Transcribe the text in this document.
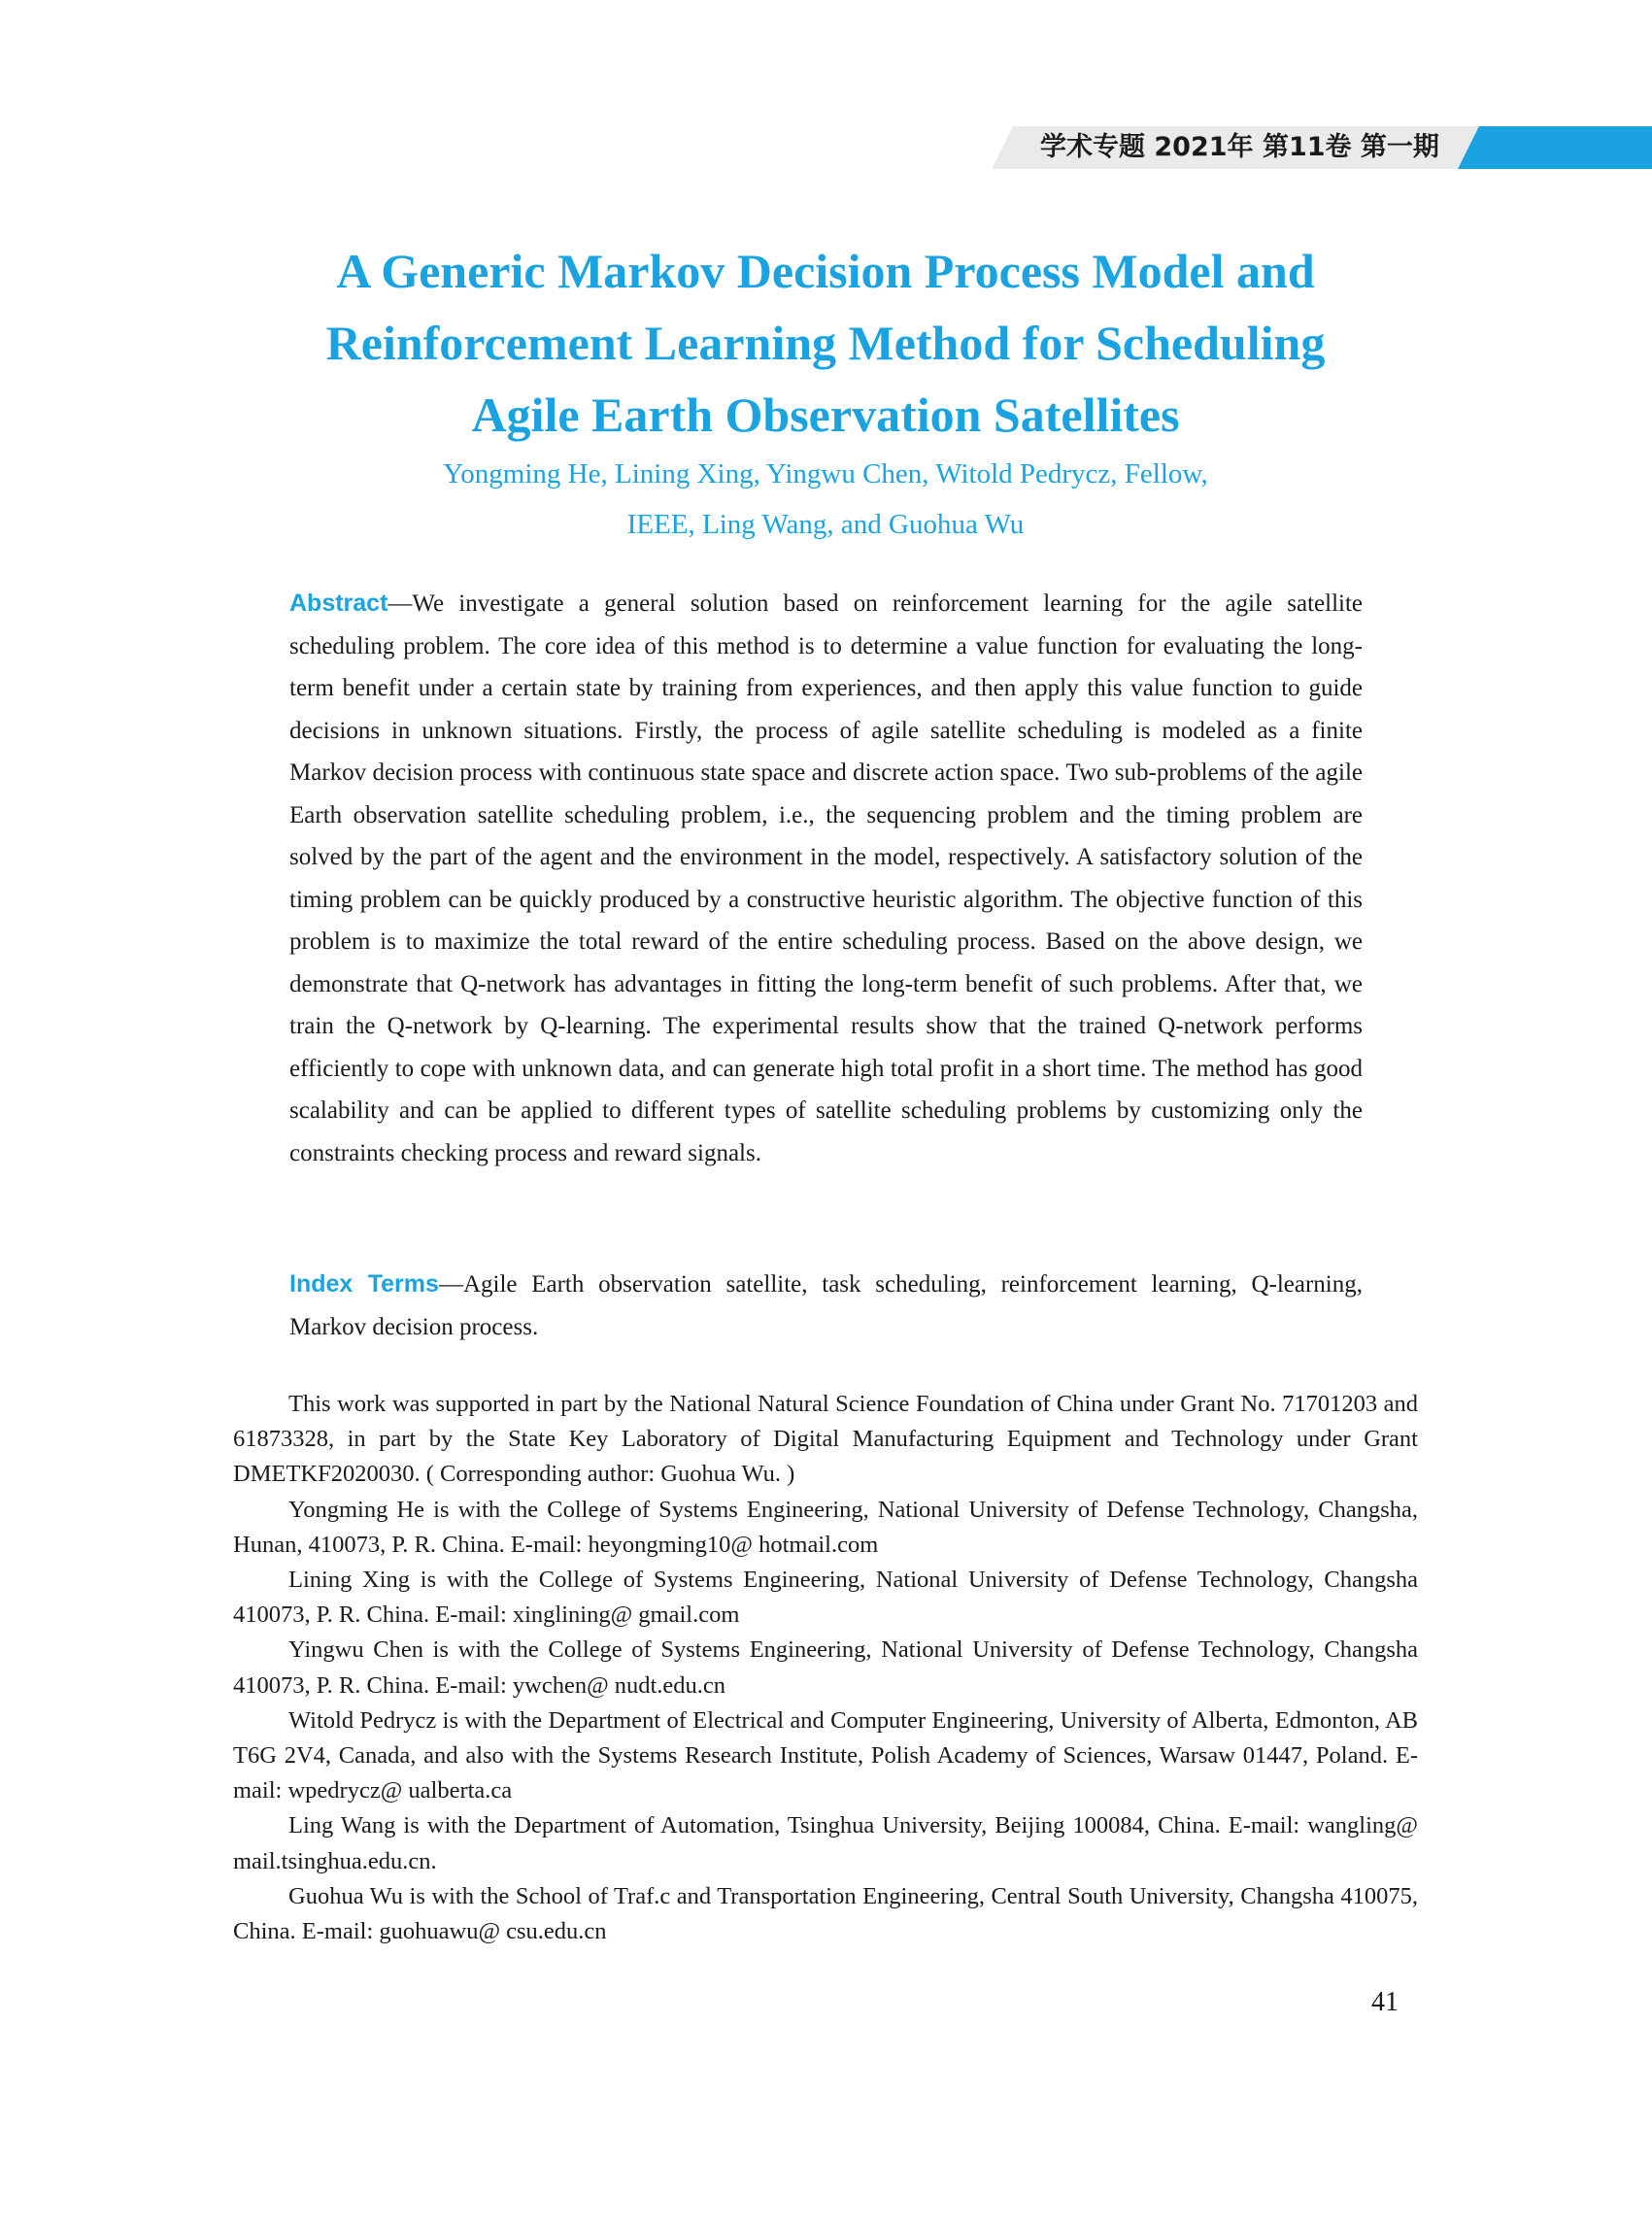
学术专题 2021年 第11卷 第一期
A Generic Markov Decision Process Model and
Reinforcement Learning Method for Scheduling
Agile Earth Observation Satellites
Yongming He, Lining Xing, Yingwu Chen, Witold Pedrycz, Fellow,
IEEE, Ling Wang, and Guohua Wu

Abstract—We investigate a general solution based on reinforcement learning for the agile satellite scheduling problem. The core idea of this method is to determine a value function for evaluating the long-term benefit under a certain state by training from experiences, and then apply this value function to guide decisions in unknown situations. Firstly, the process of agile satellite scheduling is modeled as a finite Markov decision process with continuous state space and discrete action space. Two sub-problems of the agile Earth observation satellite scheduling problem, i.e., the sequencing problem and the timing problem are solved by the part of the agent and the environment in the model, respectively. A satisfactory solution of the timing problem can be quickly produced by a constructive heuristic algorithm. The objective function of this problem is to maximize the total reward of the entire scheduling process. Based on the above design, we demonstrate that Q-network has advantages in fitting the long-term benefit of such problems. After that, we train the Q-network by Q-learning. The experimental results show that the trained Q-network performs efficiently to cope with unknown data, and can generate high total profit in a short time. The method has good scalability and can be applied to different types of satellite scheduling problems by customizing only the constraints checking process and reward signals.

Index Terms—Agile Earth observation satellite, task scheduling, reinforcement learning, Q-learning, Markov decision process.

This work was supported in part by the National Natural Science Foundation of China under Grant No. 71701203 and 61873328, in part by the State Key Laboratory of Digital Manufacturing Equipment and Technology under Grant DMETKF2020030. ( Corresponding author: Guohua Wu. )

Yongming He is with the College of Systems Engineering, National University of Defense Technology, Changsha, Hunan, 410073, P. R. China. E-mail: heyongming10@ hotmail.com

Lining Xing is with the College of Systems Engineering, National University of Defense Technology, Changsha 410073, P. R. China. E-mail: xinglining@ gmail.com

Yingwu Chen is with the College of Systems Engineering, National University of Defense Technology, Changsha 410073, P. R. China. E-mail: ywchen@ nudt.edu.cn

Witold Pedrycz is with the Department of Electrical and Computer Engineering, University of Alberta, Edmonton, AB T6G 2V4, Canada, and also with the Systems Research Institute, Polish Academy of Sciences, Warsaw 01447, Poland. E-mail: wpedrycz@ ualberta.ca

Ling Wang is with the Department of Automation, Tsinghua University, Beijing 100084, China. E-mail: wangling@ mail.tsinghua.edu.cn.

Guohua Wu is with the School of Traf.c and Transportation Engineering, Central South University, Changsha 410075, China. E-mail: guohuawu@ csu.edu.cn

41
